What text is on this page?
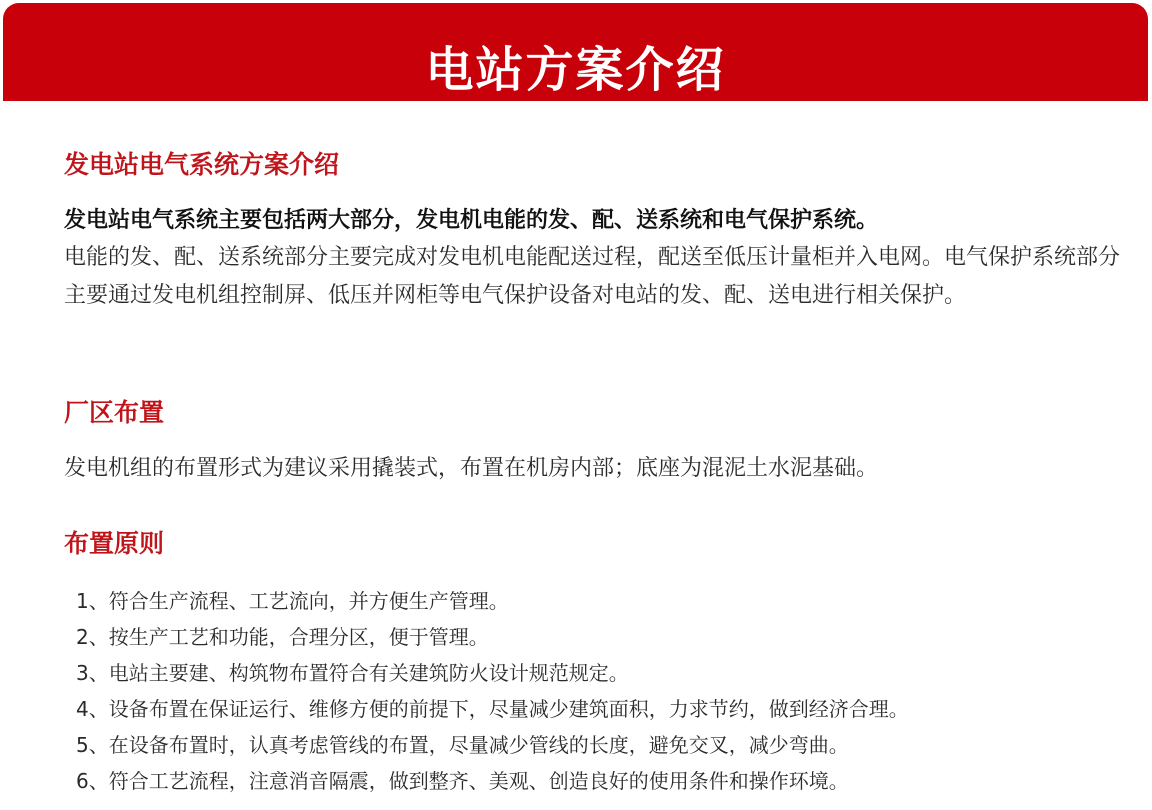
电站方案介绍
发电站电气系统方案介绍

发电站电气系统主要包括两大部分，发电机电能的发、配、送系统和电气保护系统。

电能的发、配、送系统部分主要完成对发电机电能配送过程，配送至低压计量柜并入电网。电气保护系统部分主要通过发电机组控制屏、低压并网柜等电气保护设备对电站的发、配、送电进行相关保护。

厂区布置

发电机组的布置形式为建议采用撬装式，布置在机房内部；底座为混泥土水泥基础。

布置原则
1、符合生产流程、工艺流向，并方便生产管理。
2、按生产工艺和功能，合理分区，便于管理。
3、电站主要建、构筑物布置符合有关建筑防火设计规范规定。
4、设备布置在保证运行、维修方便的前提下，尽量减少建筑面积，力求节约，做到经济合理。
5、在设备布置时，认真考虑管线的布置，尽量减少管线的长度，避免交叉，减少弯曲。
6、符合工艺流程，注意消音隔震，做到整齐、美观、创造良好的使用条件和操作环境。
